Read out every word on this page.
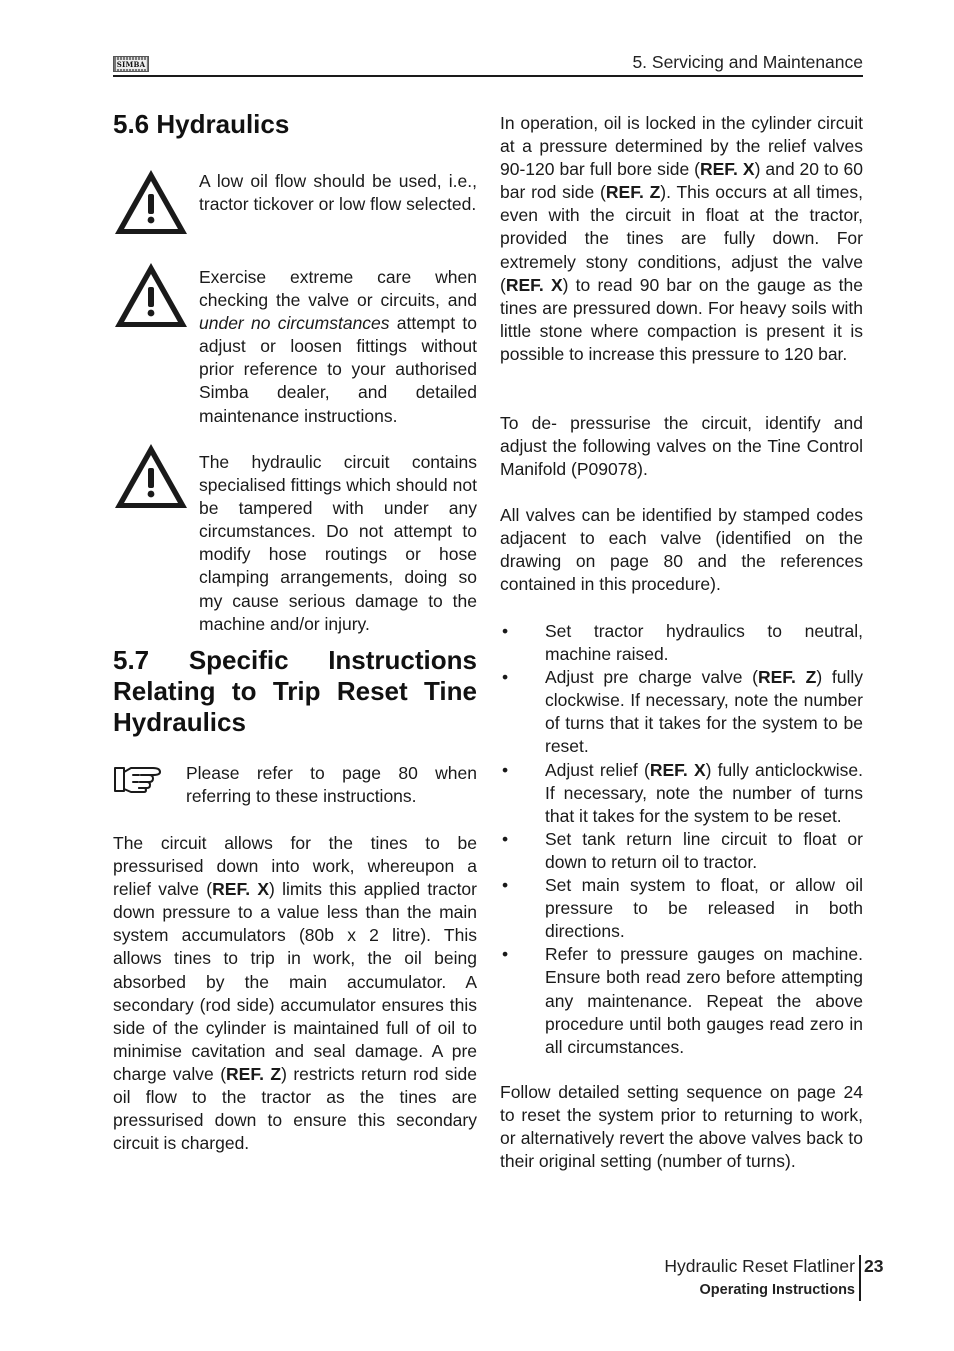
SIMBA	5. Servicing and Maintenance
5.6 Hydraulics

A low oil flow should be used, i.e., tractor tickover or low flow selected.

Exercise extreme care when checking the valve or circuits, and under no circumstances attempt to adjust or loosen fittings without prior reference to your authorised Simba dealer, and detailed maintenance instructions.

The hydraulic circuit contains specialised fittings which should not be tampered with under any circumstances. Do not attempt to modify hose routings or hose clamping arrangements, doing so my cause serious damage to the machine and/or injury.

5.7 Specific Instructions Relating to Trip Reset Tine Hydraulics

Please refer to page 80 when referring to these instructions.

The circuit allows for the tines to be pressurised down into work, whereupon a relief valve (REF. X) limits this applied tractor down pressure to a value less than the main system accumulators (80b x 2 litre). This allows tines to trip in work, the oil being absorbed by the main accumulator. A secondary (rod side) accumulator ensures this side of the cylinder is maintained full of oil to minimise cavitation and seal damage. A pre charge valve (REF. Z) restricts return rod side oil flow to the tractor as the tines are pressurised down to ensure this secondary circuit is charged.

In operation, oil is locked in the cylinder circuit at a pressure determined by the relief valves 90-120 bar full bore side (REF. X) and 20 to 60 bar rod side (REF. Z). This occurs at all times, even with the circuit in float at the tractor, provided the tines are fully down. For extremely stony conditions, adjust the valve (REF. X) to read 90 bar on the gauge as the tines are pressured down. For heavy soils with little stone where compaction is present it is possible to increase this pressure to 120 bar.

To de- pressurise the circuit, identify and adjust the following valves on the Tine Control Manifold (P09078).

All valves can be identified by stamped codes adjacent to each valve (identified on the drawing on page 80 and the references contained in this procedure).

• Set tractor hydraulics to neutral, machine raised.
• Adjust pre charge valve (REF. Z) fully clockwise. If necessary, note the number of turns that it takes for the system to be reset.
• Adjust relief (REF. X) fully anticlockwise. If necessary, note the number of turns that it takes for the system to be reset.
• Set tank return line circuit to float or down to return oil to tractor.
• Set main system to float, or allow oil pressure to be released in both directions.
• Refer to pressure gauges on machine. Ensure both read zero before attempting any maintenance. Repeat the above procedure until both gauges read zero in all circumstances.

Follow detailed setting sequence on page 24 to reset the system prior to returning to work, or alternatively revert the above valves back to their original setting (number of turns).

Hydraulic Reset Flatliner
Operating Instructions
23
